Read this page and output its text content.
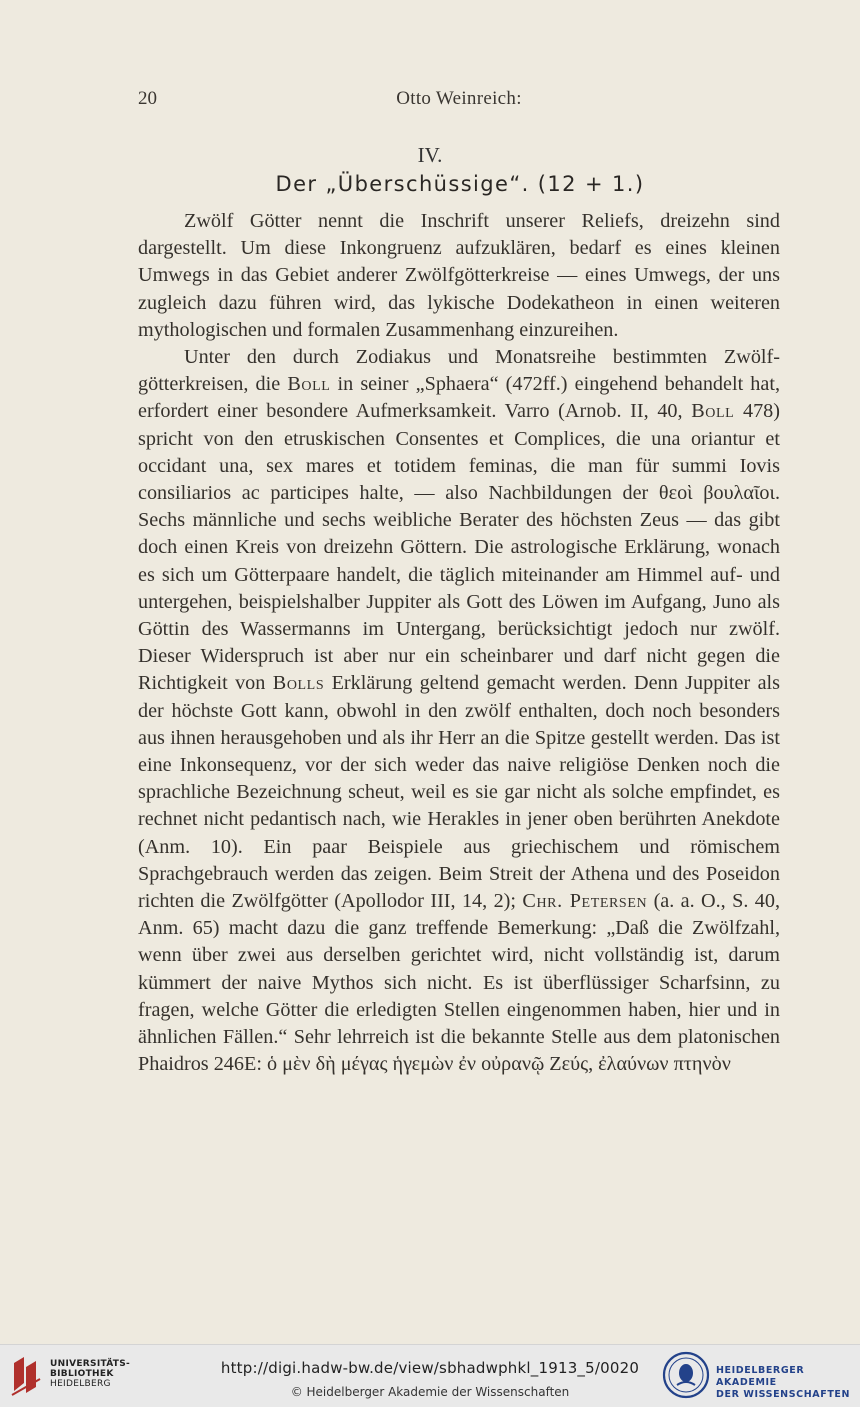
20	Otto Weinreich:
IV.
Der „Überschüssige“. (12 + 1.)

Zwölf Götter nennt die Inschrift unserer Reliefs, dreizehn sind dargestellt. Um diese Inkongruenz aufzuklären, bedarf es eines kleinen Umwegs in das Gebiet anderer Zwölfgötterkreise — eines Umwegs, der uns zugleich dazu führen wird, das lykische Dodekatheon in einen weiteren mythologischen und formalen Zusammenhang einzureihen.

Unter den durch Zodiakus und Monatsreihe bestimmten Zwölfgötterkreisen, die Boll in seiner „Sphaera“ (472ff.) eingehend behandelt hat, erfordert einer besondere Aufmerksamkeit. Varro (Arnob. II, 40, Boll 478) spricht von den etruskischen Consentes et Complices, die una oriantur et occidant una, sex mares et totidem feminas, die man für summi Iovis consiliarios ac participes halte, — also Nachbildungen der θεοὶ βουλαῖοι. Sechs männliche und sechs weibliche Berater des höchsten Zeus — das gibt doch einen Kreis von dreizehn Göttern. Die astrologische Erklärung, wonach es sich um Götterpaare handelt, die täglich miteinander am Himmel auf- und untergehen, beispielshalber Juppiter als Gott des Löwen im Aufgang, Juno als Göttin des Wassermanns im Untergang, berücksichtigt jedoch nur zwölf. Dieser Widerspruch ist aber nur ein scheinbarer und darf nicht gegen die Richtigkeit von Bolls Erklärung geltend gemacht werden. Denn Juppiter als der höchste Gott kann, obwohl in den zwölf enthalten, doch noch besonders aus ihnen herausgehoben und als ihr Herr an die Spitze gestellt werden. Das ist eine Inkonsequenz, vor der sich weder das naive religiöse Denken noch die sprachliche Bezeichnung scheut, weil es sie gar nicht als solche empfindet, es rechnet nicht pedantisch nach, wie Herakles in jener oben berührten Anekdote (Anm. 10). Ein paar Beispiele aus griechischem und römischem Sprachgebrauch werden das zeigen. Beim Streit der Athena und des Poseidon richten die Zwölfgötter (Apollodor III, 14, 2); Chr. Petersen (a. a. O., S. 40, Anm. 65) macht dazu die ganz treffende Bemerkung: „Daß die Zwölfzahl, wenn über zwei aus derselben gerichtet wird, nicht vollständig ist, darum kümmert der naive Mythos sich nicht. Es ist überflüssiger Scharfsinn, zu fragen, welche Götter die erledigten Stellen eingenommen haben, hier und in ähnlichen Fällen.“ Sehr lehrreich ist die bekannte Stelle aus dem platonischen Phaidros 246E: ὁ μὲν δὴ μέγας ἡγεμὼν ἐν οὐρανῷ Ζεύς, ἐλαύνων πτηνὸν

UNIVERSITÄTS-
BIBLIOTHEK
HEIDELBERG
http://digi.hadw-bw.de/view/sbhadwphkl_1913_5/0020
© Heidelberger Akademie der Wissenschaften
HEIDELBERGER AKADEMIE
DER WISSENSCHAFTEN
